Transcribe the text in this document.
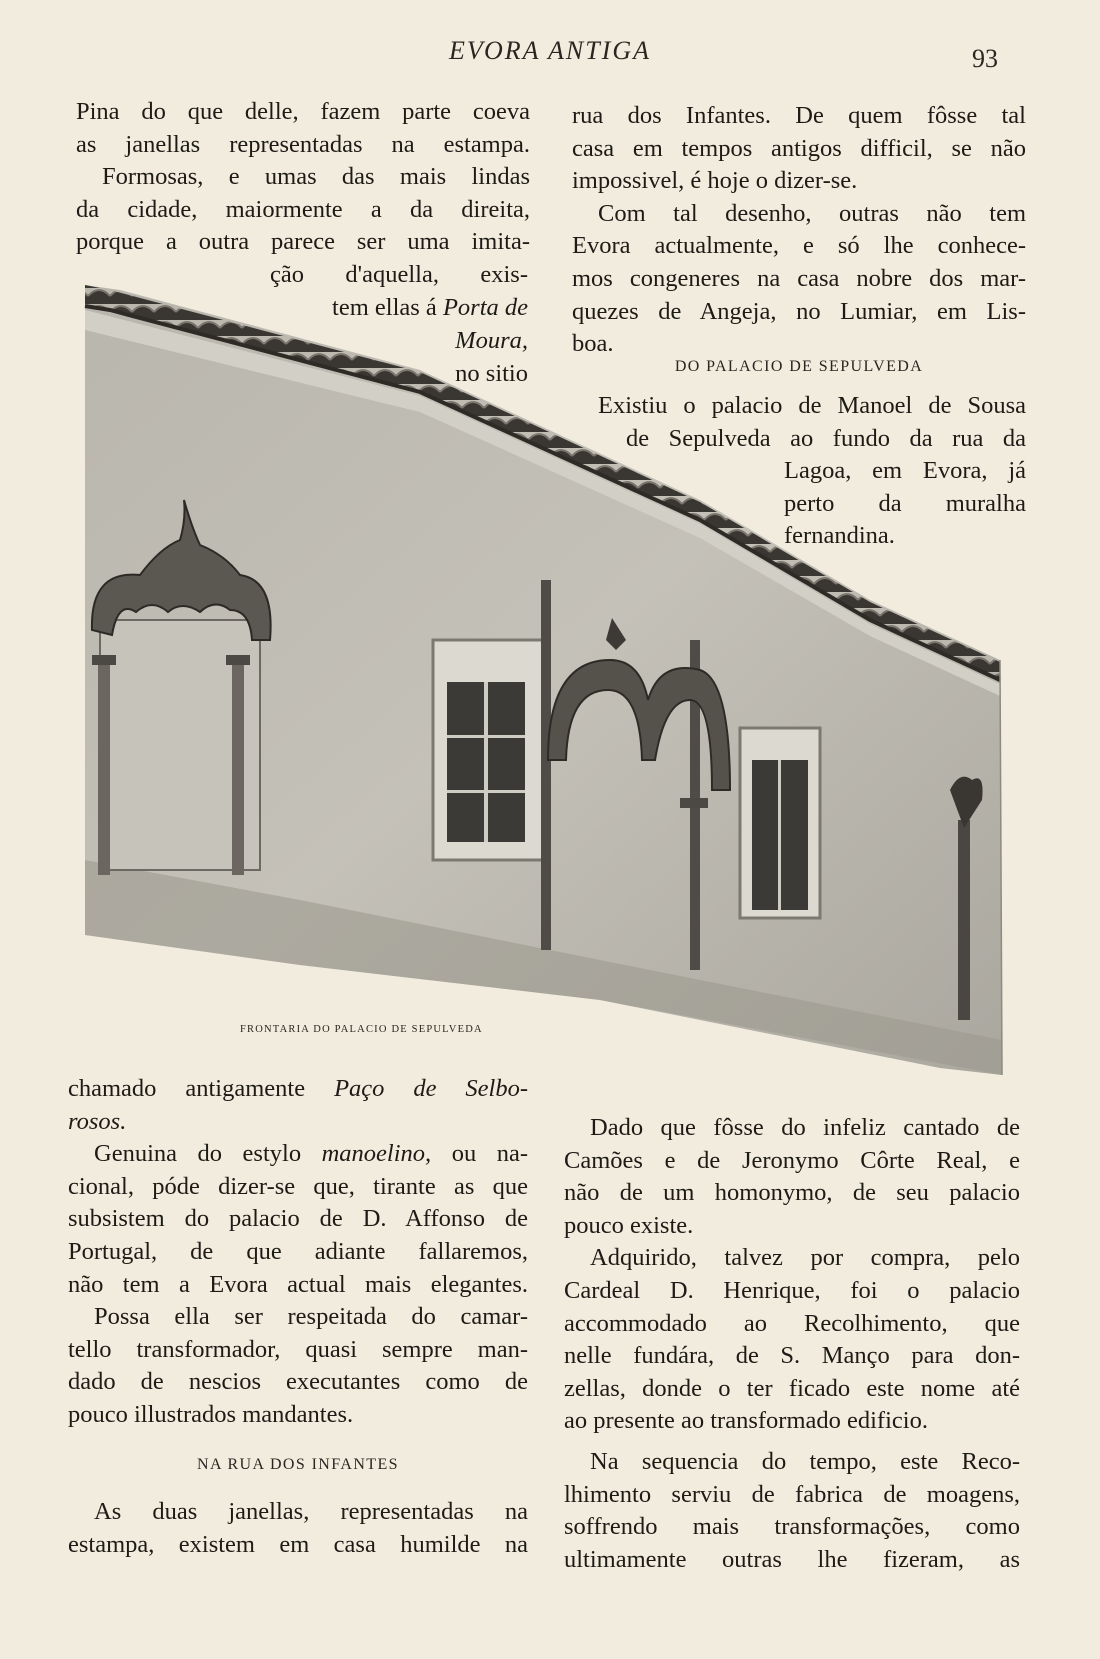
EVORA ANTIGA	93
FRONTARIA DO PALACIO DE SEPULVEDA

Pina do que delle, fazem parte coeva

as janellas representadas na estampa.

Formosas, e umas das mais lindas

da cidade, maiormente a da direita,

porque a outra parece ser uma imita-

ção d'aquella, exis-
tem ellas á Porta de
Moura,
no sitio

rua dos Infantes. De quem fôsse tal

casa em tempos antigos difficil, se não

impossivel, é hoje o dizer-se.

Com tal desenho, outras não tem

Evora actualmente, e só lhe conhece-

mos congeneres na casa nobre dos mar-

quezes de Angeja, no Lumiar, em Lis-

boa.

DO PALACIO DE SEPULVEDA

Existiu o palacio de Manoel de Sousa

de Sepulveda ao fundo da rua da

Lagoa, em Evora, já

perto da muralha

fernandina.

chamado antigamente Paço de Selbo-

rosos.

Genuina do estylo manoelino, ou na-

cional, póde dizer-se que, tirante as que

subsistem do palacio de D. Affonso de

Portugal, de que adiante fallaremos,

não tem a Evora actual mais elegantes.

Possa ella ser respeitada do camar-

tello transformador, quasi sempre man-

dado de nescios executantes como de

pouco illustrados mandantes.

NA RUA DOS INFANTES

As duas janellas, representadas na

estampa, existem em casa humilde na

Dado que fôsse do infeliz cantado de

Camões e de Jeronymo Côrte Real, e

não de um homonymo, de seu palacio

pouco existe.

Adquirido, talvez por compra, pelo

Cardeal D. Henrique, foi o palacio

accommodado ao Recolhimento, que

nelle fundára, de S. Manço para don-

zellas, donde o ter ficado este nome até

ao presente ao transformado edificio.

Na sequencia do tempo, este Reco-

lhimento serviu de fabrica de moagens,

soffrendo mais transformações, como

ultimamente outras lhe fizeram, as
